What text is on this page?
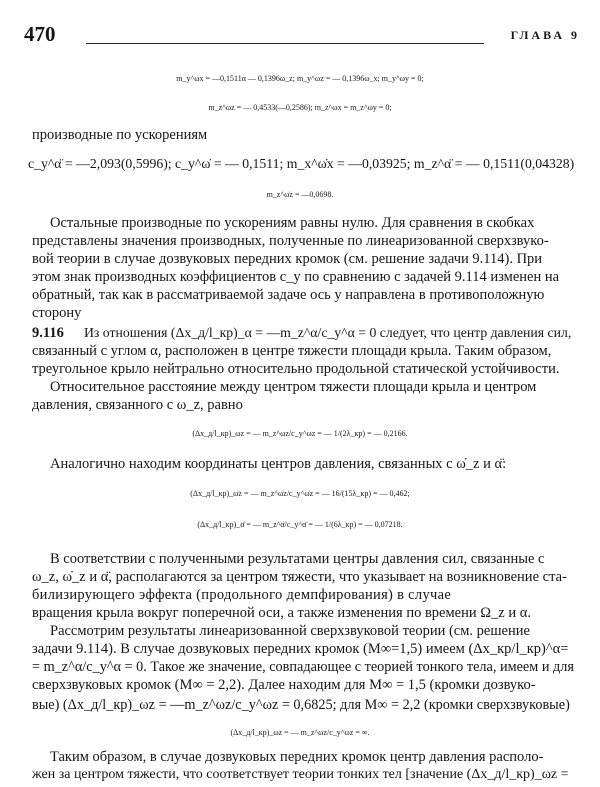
470	ГЛАВА 9
m_y^ωx = —0,1511α — 0,1396ω_z; m_y^ωz = — 0,1396ω_x; m_y^ωy = 0;
m_z^ωz = — 0,4533(—0,2586); m_z^ωx = m_z^ωy = 0;
производные по ускорениям
c_y^α̈ = —2,093(0,5996); c_y^ω̇ = — 0,1511; m_x^ω̇x = —0,03925; m_z^α̈ = — 0,1511(0,04328)
m_z^ω̇z = —0,0698.
Остальные производные по ускорениям равны нулю. Для сравнения в скобках
представлены значения производных, полученные по линеаризованной сверхзвуко-
вой теории в случае дозвуковых передних кромок (см. решение задачи 9.114). При
этом знак производных коэффициентов c_y по сравнению с задачей 9.114 изменен на
обратный, так как в рассматриваемой задаче ось y направлена в противоположную
сторону
9.116 Из отношения (Δx_д/l_кр)_α = —m_z^α/c_y^α = 0 следует, что центр давления сил,
связанный с углом α, расположен в центре тяжести площади крыла. Таким образом,
треугольное крыло нейтрально относительно продольной статической устойчивости.
Относительное расстояние между центром тяжести площади крыла и центром
давления, связанного с ω_z, равно
(Δx_д/l_кр)_ωz = — m_z^ωz/c_y^ωz = — 1/(2λ_кр) = — 0,2166.
Аналогично находим координаты центров давления, связанных с ω̇_z и α̈:
(Δx_д/l_кр)_ω̇z = — m_z^ω̇z/c_y^ω̇z = — 16/(15λ_кр) = — 0,462;
(Δx_д/l_кр)_α̈ = — m_z^α̈/c_y^α̈ = — 1/(6λ_кр) = — 0,07218.
В соответствии с полученными результатами центры давления сил, связанные с
ω_z, ω̇_z и α̈, располагаются за центром тяжести, что указывает на возникновение ста-
билизирующего эффекта (продольного демпфирования) в случае
вращения крыла вокруг поперечной оси, а также изменения по времени Ω_z и α.
Рассмотрим результаты линеаризованной сверхзвуковой теории (см. решение
задачи 9.114). В случае дозвуковых передних кромок (M∞=1,5) имеем (Δx_кр/l_кр)^α=
= m_z^α/c_y^α = 0. Такое же значение, совпадающее с теорией тонкого тела, имеем и для
сверхзвуковых кромок (M∞ = 2,2). Далее находим для M∞ = 1,5 (кромки дозвуко-
вые) (Δx_д/l_кр)_ωz = —m_z^ωz/c_y^ωz = 0,6825; для M∞ = 2,2 (кромки сверхзвуковые)
(Δx_д/l_кр)_ωz = — m_z^ωz/c_y^ωz = ∞.
Таким образом, в случае дозвуковых передних кромок центр давления располо-
жен за центром тяжести, что соответствует теории тонких тел [значение (Δx_д/l_кр)_ωz =
